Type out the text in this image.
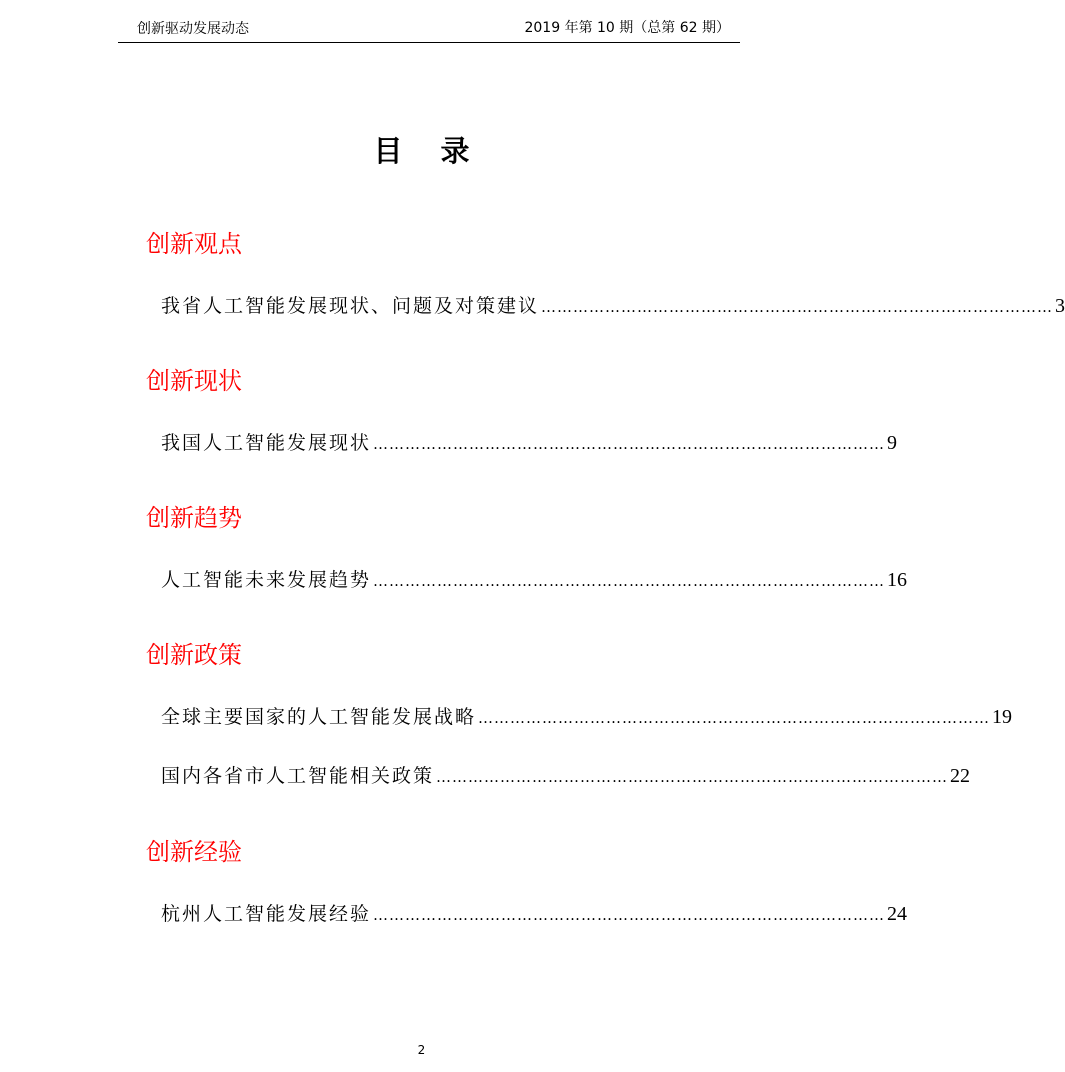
创新驱动发展动态	2019 年第 10 期（总第 62 期）
目录
创新观点
我省人工智能发展现状、问题及对策建议 …………………………………………………………………………………… 3
创新现状
我国人工智能发展现状 …………………………………………………………………………………… 9
创新趋势
人工智能未来发展趋势 …………………………………………………………………………………… 16
创新政策
全球主要国家的人工智能发展战略 …………………………………………………………………………………… 19
国内各省市人工智能相关政策 …………………………………………………………………………………… 22
创新经验
杭州人工智能发展经验 …………………………………………………………………………………… 24
2
